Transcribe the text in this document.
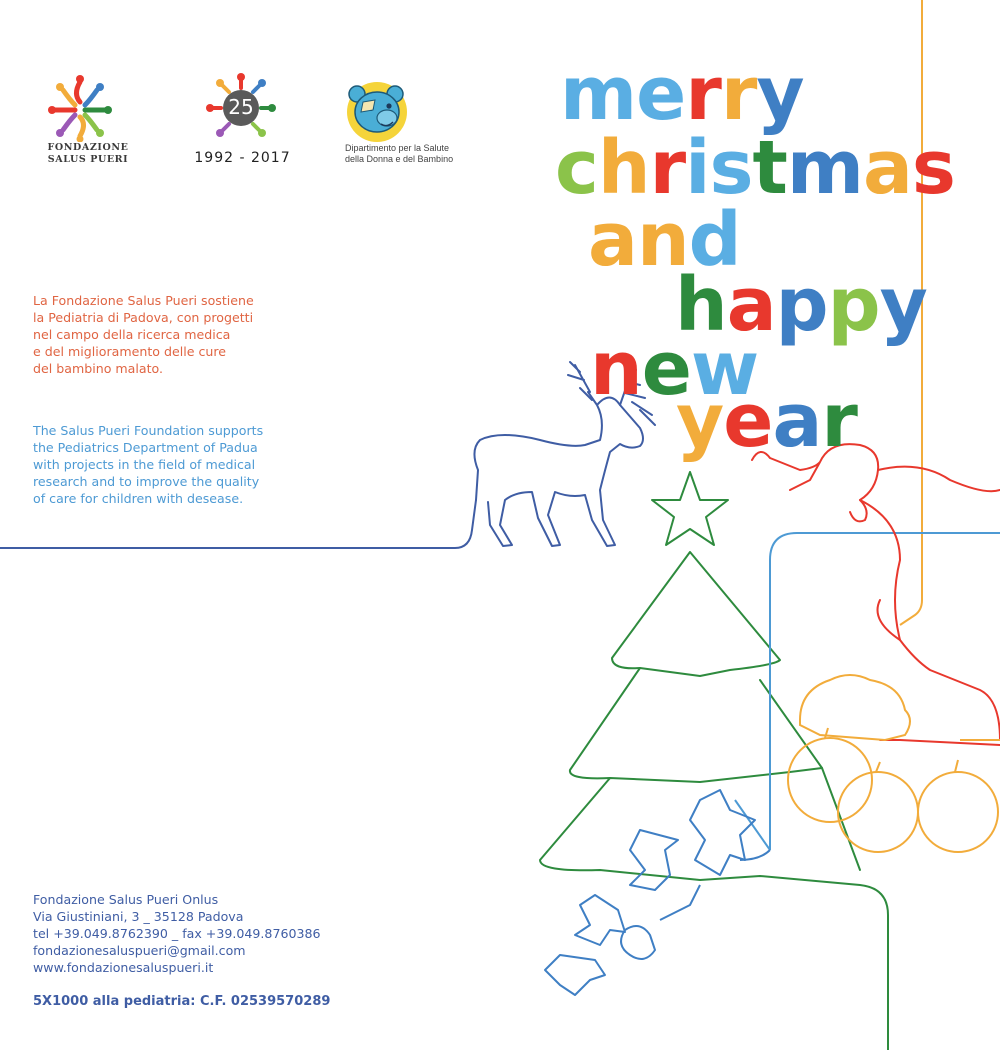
FONDAZIONE SALUS PUERI
25
1992 - 2017
Dipartimento per la Salute
della Donna e del Bambino
merry
christmas
and
happy
new
year
La Fondazione Salus Pueri sostiene
la Pediatria di Padova, con progetti
nel campo della ricerca medica
e del miglioramento delle cure
del bambino malato.
The Salus Pueri Foundation supports
the Pediatrics Department of Padua
with projects in the field of medical
research and to improve the quality
of care for children with desease.
Fondazione Salus Pueri Onlus
Via Giustiniani, 3 _ 35128 Padova
tel +39.049.8762390 _ fax +39.049.8760386
fondazionesaluspueri@gmail.com
www.fondazionesaluspueri.it
5X1000 alla pediatria: C.F. 02539570289
